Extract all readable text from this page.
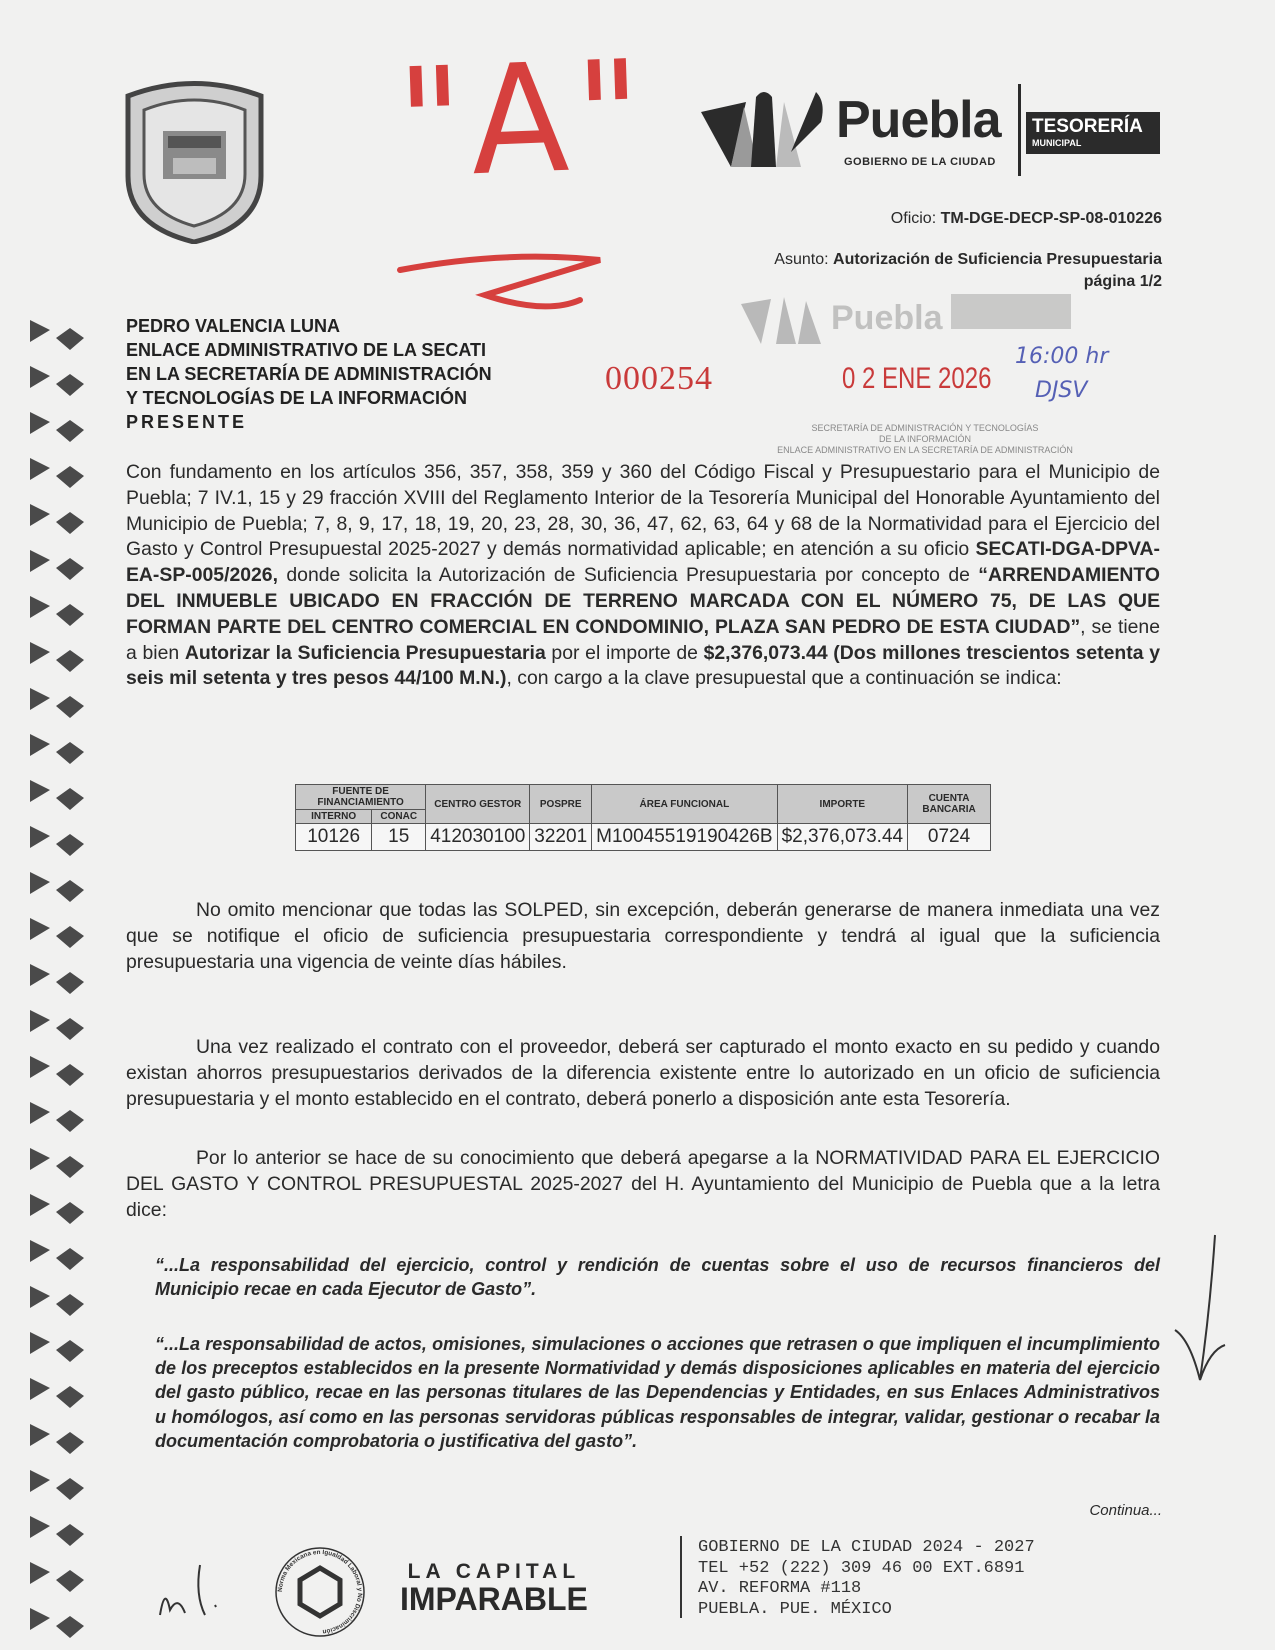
Puebla
GOBIERNO DE LA CIUDAD
TESORERÍA
MUNICIPAL
Oficio: TM-DGE-DECP-SP-08-010226
Asunto: Autorización de Suficiencia Presupuestaria
página 1/2
Puebla
SECRETARÍA DE ADMINISTRACIÓN Y TECNOLOGÍAS
DE LA INFORMACIÓN
ENLACE ADMINISTRATIVO EN LA SECRETARÍA DE ADMINISTRACIÓN
"A"
PEDRO VALENCIA LUNA
ENLACE ADMINISTRATIVO DE LA SECATI
EN LA SECRETARÍA DE ADMINISTRACIÓN
Y TECNOLOGÍAS DE LA INFORMACIÓN
PRESENTE
000254	0 2 ENE 2026
16:00 hr
DJSV
Con fundamento en los artículos 356, 357, 358, 359 y 360 del Código Fiscal y Presupuestario para el Municipio de Puebla; 7 IV.1, 15 y 29 fracción XVIII del Reglamento Interior de la Tesorería Municipal del Honorable Ayuntamiento del Municipio de Puebla; 7, 8, 9, 17, 18, 19, 20, 23, 28, 30, 36, 47, 62, 63, 64 y 68 de la Normatividad para el Ejercicio del Gasto y Control Presupuestal 2025-2027 y demás normatividad aplicable; en atención a su oficio SECATI-DGA-DPVA-EA-SP-005/2026, donde solicita la Autorización de Suficiencia Presupuestaria por concepto de “ARRENDAMIENTO DEL INMUEBLE UBICADO EN FRACCIÓN DE TERRENO MARCADA CON EL NÚMERO 75, DE LAS QUE FORMAN PARTE DEL CENTRO COMERCIAL EN CONDOMINIO, PLAZA SAN PEDRO DE ESTA CIUDAD”, se tiene a bien Autorizar la Suficiencia Presupuestaria por el importe de $2,376,073.44 (Dos millones trescientos setenta y seis mil setenta y tres pesos 44/100 M.N.), con cargo a la clave presupuestal que a continuación se indica:
FUENTE DE FINANCIAMIENTO		CENTRO GESTOR	POSPRE	ÁREA FUNCIONAL	IMPORTE	CUENTA BANCARIA
INTERNO	CONAC					
10126	15	412030100	32201	M10045519190426B	$2,376,073.44	0724
No omito mencionar que todas las SOLPED, sin excepción, deberán generarse de manera inmediata una vez que se notifique el oficio de suficiencia presupuestaria correspondiente y tendrá al igual que la suficiencia presupuestaria una vigencia de veinte días hábiles.
Una vez realizado el contrato con el proveedor, deberá ser capturado el monto exacto en su pedido y cuando existan ahorros presupuestarios derivados de la diferencia existente entre lo autorizado en un oficio de suficiencia presupuestaria y el monto establecido en el contrato, deberá ponerlo a disposición ante esta Tesorería.
Por lo anterior se hace de su conocimiento que deberá apegarse a la NORMATIVIDAD PARA EL EJERCICIO DEL GASTO Y CONTROL PRESUPUESTAL 2025-2027 del H. Ayuntamiento del Municipio de Puebla que a la letra dice:
“...La responsabilidad del ejercicio, control y rendición de cuentas sobre el uso de recursos financieros del Municipio recae en cada Ejecutor de Gasto”.
“...La responsabilidad de actos, omisiones, simulaciones o acciones que retrasen o que impliquen el incumplimiento de los preceptos establecidos en la presente Normatividad y demás disposiciones aplicables en materia del ejercicio del gasto público, recae en las personas titulares de las Dependencias y Entidades, en sus Enlaces Administrativos u homólogos, así como en las personas servidoras públicas responsables de integrar, validar, gestionar o recabar la documentación comprobatoria o justificativa del gasto”.
Continua...
Norma Mexicana en Igualdad Laboral y No Discriminación
LA CAPITAL
IMPARABLE
GOBIERNO DE LA CIUDAD 2024 - 2027
TEL +52 (222) 309 46 00 EXT.6891
AV. REFORMA #118
PUEBLA. PUE. MÉXICO
